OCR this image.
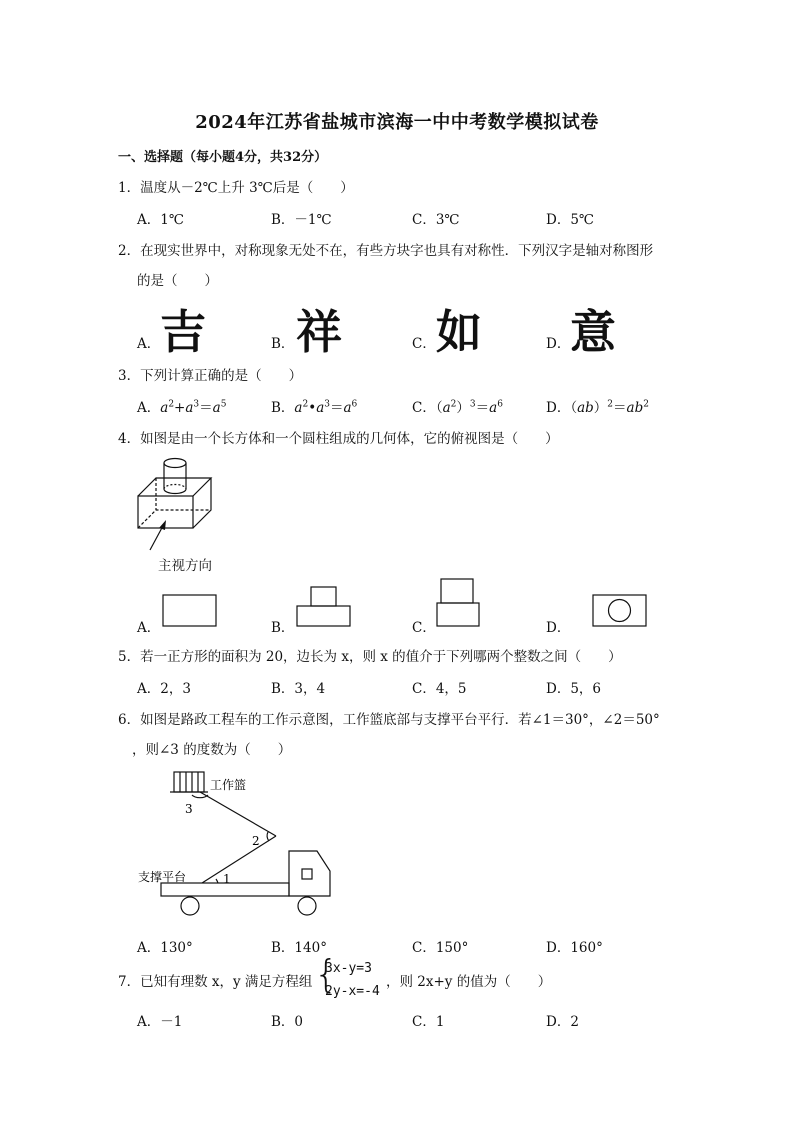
2024年江苏省盐城市滨海一中中考数学模拟试卷
一、选择题（每小题4分，共32分）
1．温度从－2℃上升 3℃后是（　　）
A．1℃	B．－1℃	C．3℃	D．5℃
2．在现实世界中，对称现象无处不在，有些方块字也具有对称性．下列汉字是轴对称图形
的是（　　）
A． 吉	B． 祥	C． 如	D． 意
3．下列计算正确的是（　　）
A．$a^2+a^3=a^5$	B．$a^2•a^3=a^6$	C．$(a^2)^3=a^6$	D．$(ab)^2=ab^2$
4．如图是由一个长方体和一个圆柱组成的几何体，它的俯视图是（　　）
主视方向
A．	B．	C．	D．
5．若一正方形的面积为 20，边长为 x，则 x 的值介于下列哪两个整数之间（　　）
A．2，3	B．3，4	C．4，5	D．5，6
6．如图是路政工程车的工作示意图，工作篮底部与支撑平台平行．若∠1＝30°，∠2＝50°
，则∠3 的度数为（　　）
3
2
1
工作篮
支撑平台
A．130°	B．140°	C．150°	D．160°
7．已知有理数 x，y 满足方程组 {
3x-y=3
2y-x=-4
，则 2x+y 的值为（　　）
A．－1	B．0	C．1	D．2
